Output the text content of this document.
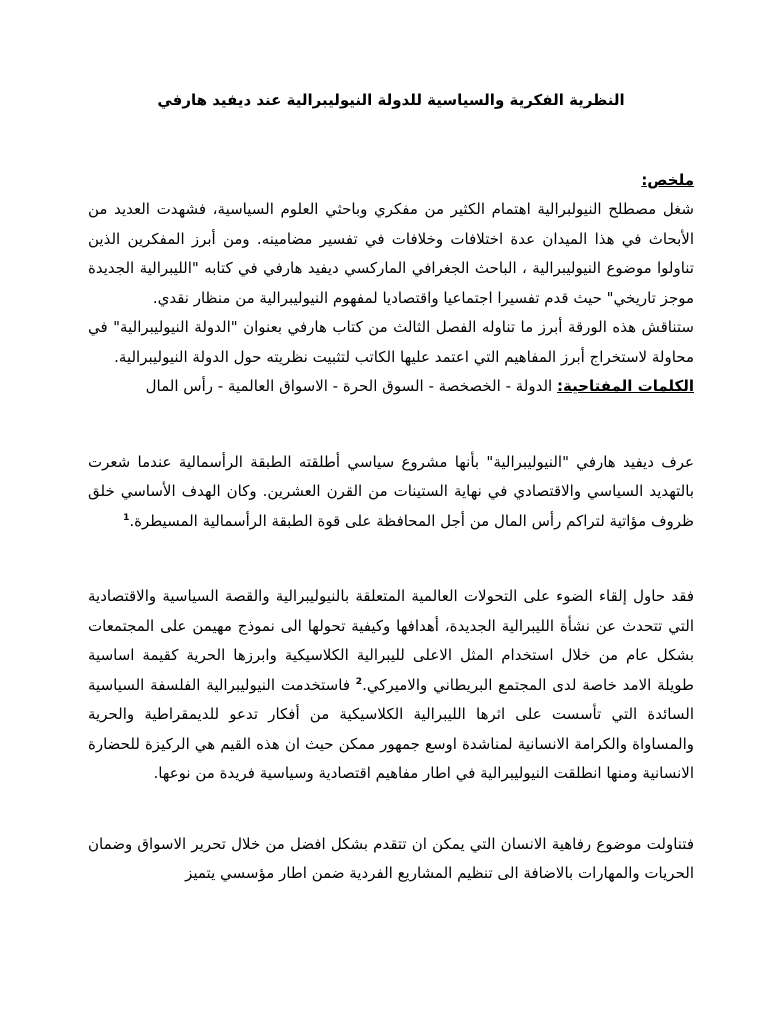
النظرية الفكرية والسياسية للدولة النيوليبرالية عند ديفيد هارفي

ملخص:

شغل مصطلح النيولبرالية اهتمام الكثير من مفكري وباحثي العلوم السياسية، فشهدت العديد من الأبحاث في هذا الميدان عدة اختلافات وخلافات في تفسير مضامينه. ومن أبرز المفكرين الذين تناولوا موضوع النيوليبرالية ، الباحث الجغرافي الماركسي ديفيد هارفي في كتابه "الليبرالية الجديدة موجز تاريخي" حيث قدم تفسيرا اجتماعيا واقتصاديا لمفهوم النيوليبرالية من منظار نقدي.

ستناقش هذه الورقة أبرز ما تناوله الفصل الثالث من كتاب هارفي بعنوان "الدولة النيوليبرالية" في محاولة لاستخراج أبرز المفاهيم التي اعتمد عليها الكاتب لتثبيت نظريته حول الدولة النيوليبرالية.

الكلمات المفتاحية: الدولة - الخصخصة - السوق الحرة - الاسواق العالمية - رأس المال

عرف ديفيد هارفي "النيوليبرالية" بأنها مشروع سياسي أطلقته الطبقة الرأسمالية عندما شعرت بالتهديد السياسي والاقتصادي في نهاية الستينات من القرن العشرين. وكان الهدف الأساسي خلق ظروف مؤاتية لتراكم رأس المال من أجل المحافظة على قوة الطبقة الرأسمالية المسيطرة.$^1$

فقد حاول إلقاء الضوء على التحولات العالمية المتعلقة بالنيوليبرالية والقصة السياسية والاقتصادية التي تتحدث عن نشأة الليبرالية الجديدة، أهدافها وكيفية تحولها الى نموذج مهيمن على المجتمعات بشكل عام من خلال استخدام المثل الاعلى لليبرالية الكلاسيكية وابرزها الحرية كقيمة اساسية طويلة الامد خاصة لدى المجتمع البريطاني والاميركي.$^2$ فاستخدمت النيوليبرالية الفلسفة السياسية السائدة التي تأسست على اثرها الليبرالية الكلاسيكية من أفكار تدعو للديمقراطية والحرية والمساواة والكرامة الانسانية لمناشدة اوسع جمهور ممكن حيث ان هذه القيم هي الركيزة للحضارة الانسانية ومنها انطلقت النيوليبرالية في اطار مفاهيم اقتصادية وسياسية فريدة من نوعها.

فتناولت موضوع رفاهية الانسان التي يمكن ان تتقدم بشكل افضل من خلال تحرير الاسواق وضمان الحريات والمهارات بالاضافة الى تنظيم المشاريع الفردية ضمن اطار مؤسسي يتميز
